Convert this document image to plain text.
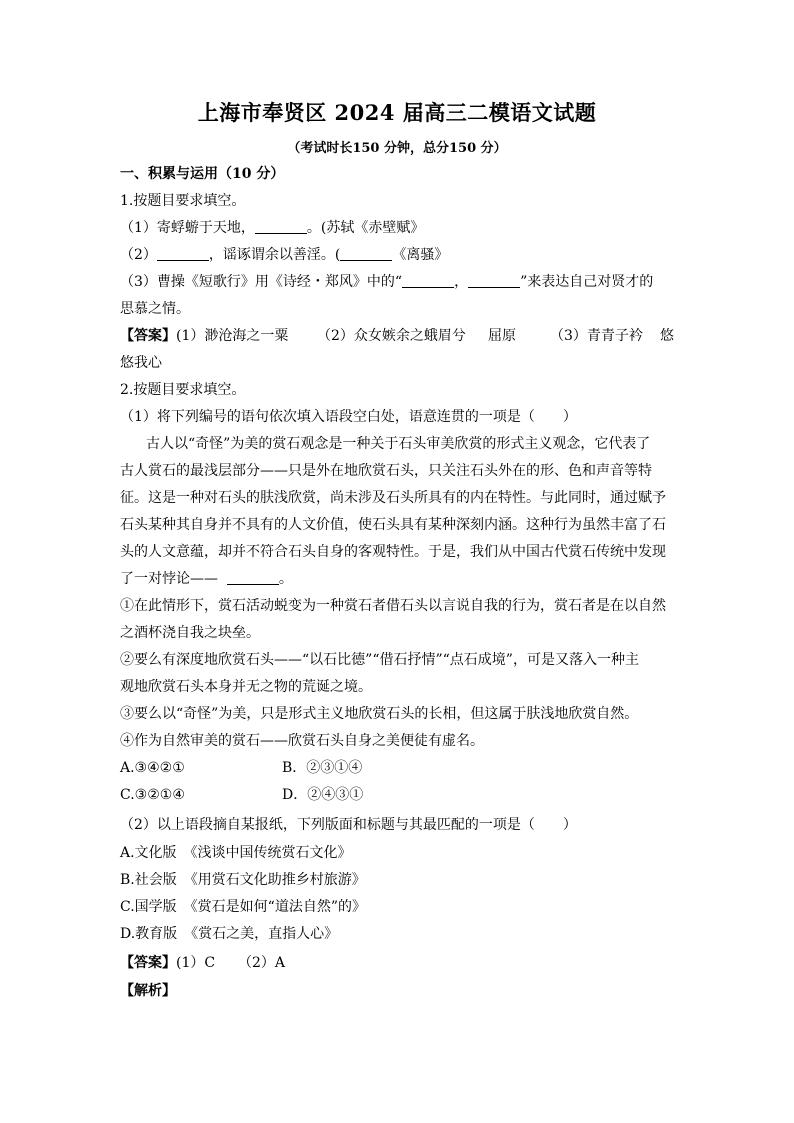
上海市奉贤区 2024 届高三二模语文试题
（考试时长150 分钟，总分150 分）
一、积累与运用（10 分）
1.按题目要求填空。
（1）寄蜉蝣于天地，	。(苏轼《赤壁赋》
（2）	，谣诼谓余以善淫。(	《离骚》
（3）曹操《短歌行》用《诗经・郑风》中的“	，	”来表达自己对贤才的
思慕之情。
【答案】(1）渺沧海之一粟 （2）众女嫉余之蛾眉兮 屈原 （3）青青子衿 悠
悠我心
2.按题目要求填空。
（1）将下列编号的语句依次填入语段空白处，语意连贯的一项是（　　）
古人以“奇怪”为美的赏石观念是一种关于石头审美欣赏的形式主义观念，它代表了
古人赏石的最浅层部分——只是外在地欣赏石头，只关注石头外在的形、色和声音等特
征。这是一种对石头的肤浅欣赏，尚未涉及石头所具有的内在特性。与此同时，通过赋予
石头某种其自身并不具有的人文价值，使石头具有某种深刻内涵。这种行为虽然丰富了石
头的人文意蕴，却并不符合石头自身的客观特性。于是，我们从中国古代赏石传统中发现
了一对悖论——	。
①在此情形下，赏石活动蜕变为一种赏石者借石头以言说自我的行为，赏石者是在以自然
之酒杯浇自我之块垒。
②要么有深度地欣赏石头——“以石比德”“借石抒情”“点石成境”，可是又落入一种主
观地欣赏石头本身并无之物的荒诞之境。
③要么以“奇怪”为美，只是形式主义地欣赏石头的长相，但这属于肤浅地欣赏自然。
④作为自然审美的赏石——欣赏石头自身之美便徒有虚名。
A.③④②①	B．②③①④
C.③②①④	D．②④③①
（2）以上语段摘自某报纸，下列版面和标题与其最匹配的一项是（　　）
A.文化版　《浅谈中国传统赏石文化》
B.社会版　《用赏石文化助推乡村旅游》
C.国学版　《赏石是如何“道法自然”的》
D.教育版　《赏石之美，直指人心》
【答案】(1）C （2）A
【解析】
